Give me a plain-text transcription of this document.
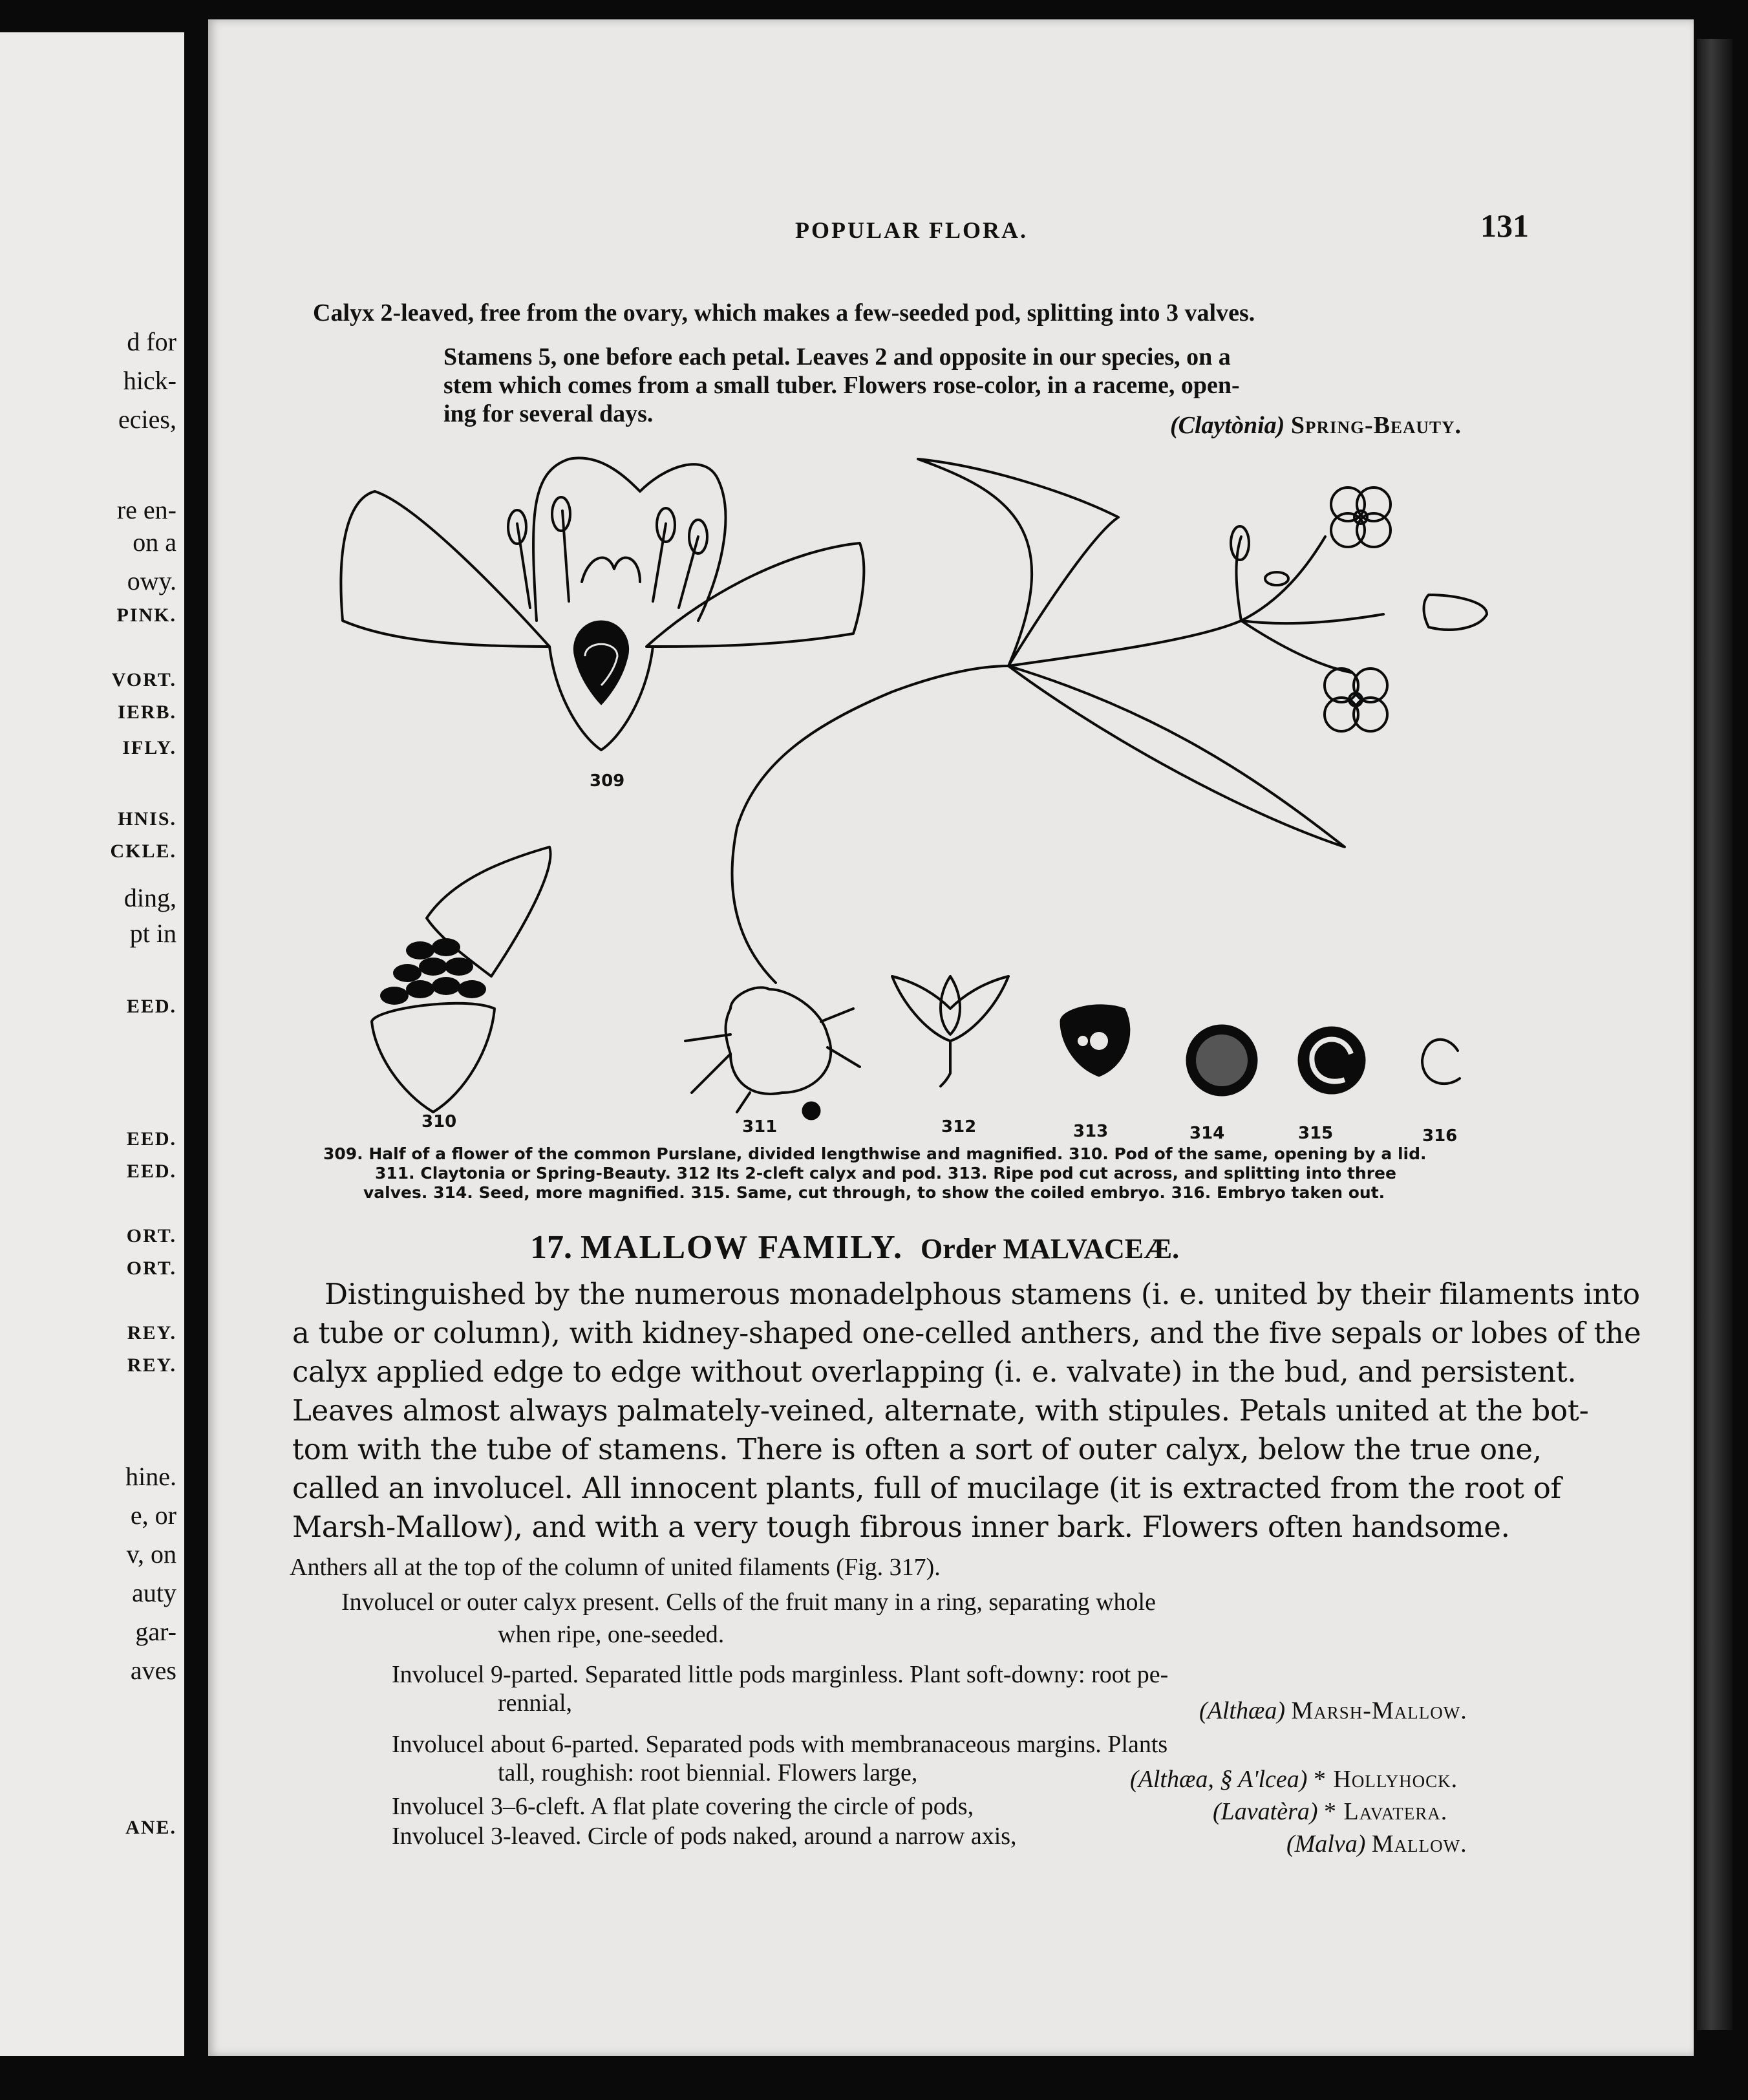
d for
hick-
ecies,
re en-
on a
owy.
PINK.
VORT.
IERB.
IFLY.
HNIS.
CKLE.
ding,
pt in
EED.
EED.
EED.
ORT.
ORT.
REY.
REY.
hine.
e, or
v, on
auty
gar-
aves
ANE.
POPULAR FLORA.	131
Calyx 2-leaved, free from the ovary, which makes a few-seeded pod, splitting into 3 valves.
Stamens 5, one before each petal. Leaves 2 and opposite in our species, on a
stem which comes from a small tuber. Flowers rose-color, in a raceme, open-
ing for several days.	(Claytònia) Spring-Beauty.
309
310	311	312	313	314	315	316
309. Half of a flower of the common Purslane, divided lengthwise and magnified. 310. Pod of the same, opening by a lid.
311. Claytonia or Spring-Beauty. 312 Its 2-cleft calyx and pod. 313. Ripe pod cut across, and splitting into three
valves. 314. Seed, more magnified. 315. Same, cut through, to show the coiled embryo. 316. Embryo taken out.
17. MALLOW FAMILY. Order MALVACEÆ.
Distinguished by the numerous monadelphous stamens (i. e. united by their filaments into
a tube or column), with kidney-shaped one-celled anthers, and the five sepals or lobes of the
calyx applied edge to edge without overlapping (i. e. valvate) in the bud, and persistent.
Leaves almost always palmately-veined, alternate, with stipules. Petals united at the bot-
tom with the tube of stamens. There is often a sort of outer calyx, below the true one,
called an involucel. All innocent plants, full of mucilage (it is extracted from the root of
Marsh-Mallow), and with a very tough fibrous inner bark. Flowers often handsome.
Anthers all at the top of the column of united filaments (Fig. 317).
Involucel or outer calyx present. Cells of the fruit many in a ring, separating whole
when ripe, one-seeded.
Involucel 9-parted. Separated little pods marginless. Plant soft-downy: root pe-
rennial,	(Althæa) Marsh-Mallow.
Involucel about 6-parted. Separated pods with membranaceous margins. Plants
tall, roughish: root biennial. Flowers large,	(Althæa, § A'lcea) * Hollyhock.
Involucel 3–6-cleft. A flat plate covering the circle of pods,	(Lavatèra) * Lavatera.
Involucel 3-leaved. Circle of pods naked, around a narrow axis,	(Malva) Mallow.
